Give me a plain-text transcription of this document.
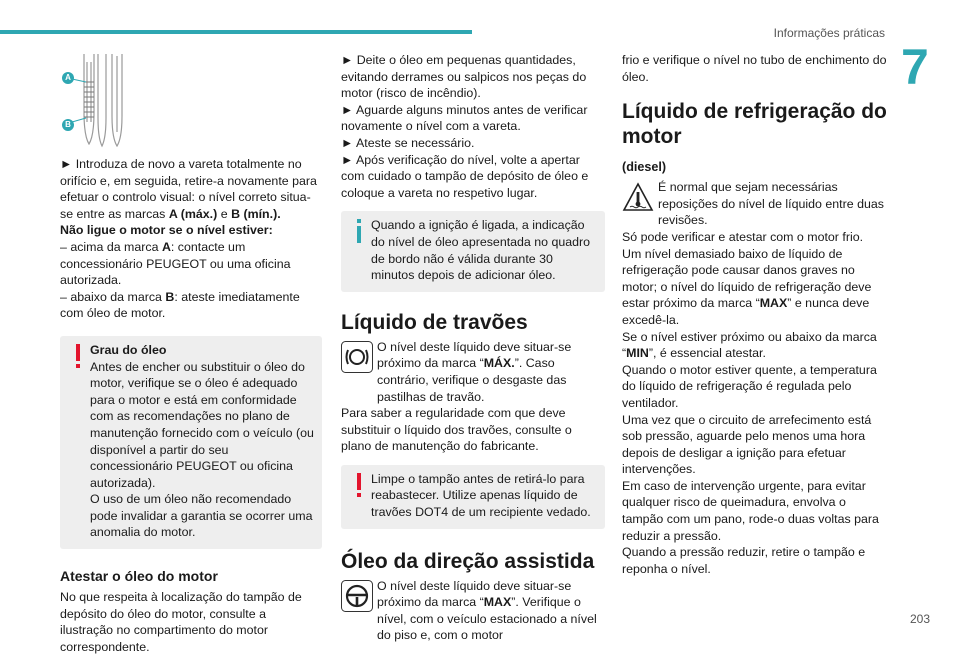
Informações práticas
7
203
A
B

► Introduza de novo a vareta totalmente no orifício e, em seguida, retire-a novamente para efetuar o controlo visual: o nível correto situa-se entre as marcas A (máx.) e B (mín.).

Não ligue o motor se o nível estiver:

– acima da marca A: contacte um concessionário PEUGEOT ou uma oficina autorizada.

– abaixo da marca B: ateste imediatamente com óleo de motor.

Grau do óleo

Antes de encher ou substituir o óleo do motor, verifique se o óleo é adequado para o motor e está em conformidade com as recomendações no plano de manutenção fornecido com o veículo (ou disponível a partir do seu concessionário PEUGEOT ou oficina autorizada).

O uso de um óleo não recomendado pode invalidar a garantia se ocorrer uma anomalia do motor.

Atestar o óleo do motor

No que respeita à localização do tampão de depósito do óleo do motor, consulte a ilustração no compartimento do motor correspondente.

► Deite o óleo em pequenas quantidades, evitando derrames ou salpicos nos peças do motor (risco de incêndio).

► Aguarde alguns minutos antes de verificar novamente o nível com a vareta.

► Ateste se necessário.

► Após verificação do nível, volte a apertar com cuidado o tampão de depósito de óleo e coloque a vareta no respetivo lugar.

Quando a ignição é ligada, a indicação do nível de óleo apresentada no quadro de bordo não é válida durante 30 minutos depois de adicionar óleo.

Líquido de travões

O nível deste líquido deve situar-se próximo da marca “MÁX.”. Caso contrário, verifique o desgaste das pastilhas de travão.

Para saber a regularidade com que deve substituir o líquido dos travões, consulte o plano de manutenção do fabricante.

Limpe o tampão antes de retirá-lo para reabastecer. Utilize apenas líquido de travões DOT4 de um recipiente vedado.

Óleo da direção assistida

O nível deste líquido deve situar-se próximo da marca “MAX”. Verifique o nível, com o veículo estacionado a nível do piso e, com o motor

frio e verifique o nível no tubo de enchimento do óleo.

Líquido de refrigeração do motor
(diesel)

É normal que sejam necessárias reposições do nível de líquido entre duas revisões.

Só pode verificar e atestar com o motor frio.

Um nível demasiado baixo de líquido de refrigeração pode causar danos graves no motor; o nível do líquido de refrigeração deve estar próximo da marca “MAX” e nunca deve excedê-la.

Se o nível estiver próximo ou abaixo da marca “MIN”, é essencial atestar.

Quando o motor estiver quente, a temperatura do líquido de refrigeração é regulada pelo ventilador.

Uma vez que o circuito de arrefecimento está sob pressão, aguarde pelo menos uma hora depois de desligar a ignição para efetuar intervenções.

Em caso de intervenção urgente, para evitar qualquer risco de queimadura, envolva o tampão com um pano, rode-o duas voltas para reduzir a pressão.

Quando a pressão reduzir, retire o tampão e reponha o nível.
